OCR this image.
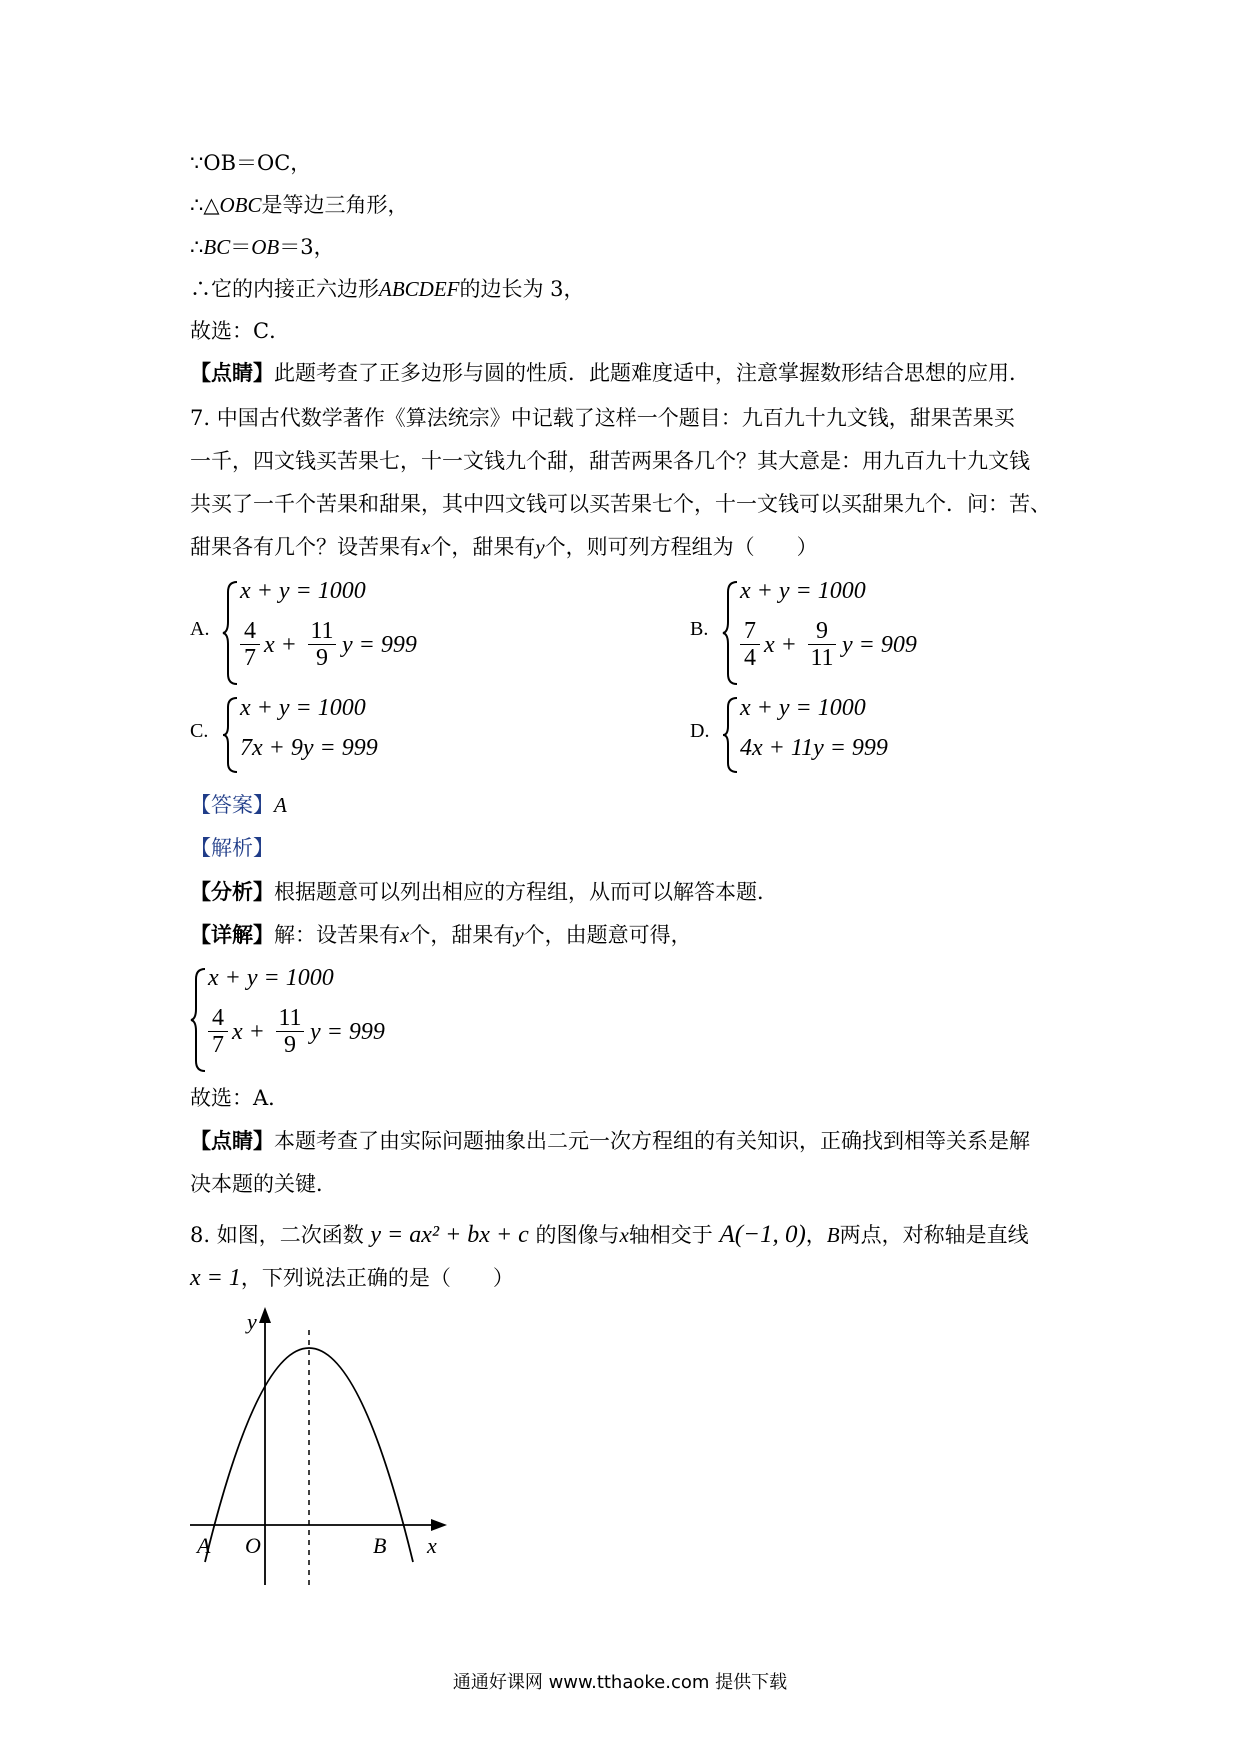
∵OB＝OC，
∴△OBC是等边三角形，
∴BC＝OB＝3，
∴它的内接正六边形ABCDEF的边长为 3，
故选：C．
【点睛】此题考查了正多边形与圆的性质．此题难度适中，注意掌握数形结合思想的应用．
7. 中国古代数学著作《算法统宗》中记载了这样一个题目：九百九十九文钱，甜果苦果买
一千，四文钱买苦果七，十一文钱九个甜，甜苦两果各几个？其大意是：用九百九十九文钱
共买了一千个苦果和甜果，其中四文钱可以买苦果七个，十一文钱可以买甜果九个．问：苦、
甜果各有几个？设苦果有x个，甜果有y个，则可列方程组为（　　）
A.
x + y = 1000
4
7 x +
11
9 y = 999
B.
x + y = 1000
7
4 x +
9
11 y = 909
C.
x + y = 1000
7x + 9y = 999
D.
x + y = 1000
4x + 11y = 999
【答案】A
【解析】
【分析】根据题意可以列出相应的方程组，从而可以解答本题．
【详解】解：设苦果有x个，甜果有y个，由题意可得，
x + y = 1000
4
7 x +
11
9 y = 999
故选：A．
【点睛】本题考查了由实际问题抽象出二元一次方程组的有关知识，正确找到相等关系是解
决本题的关键．
8. 如图，二次函数 y = ax² + bx + c 的图像与x轴相交于 A(−1, 0)，B两点，对称轴是直线
x = 1，下列说法正确的是（　　）
y
x
O
A	B
通通好课网 www.tthaoke.com 提供下载
